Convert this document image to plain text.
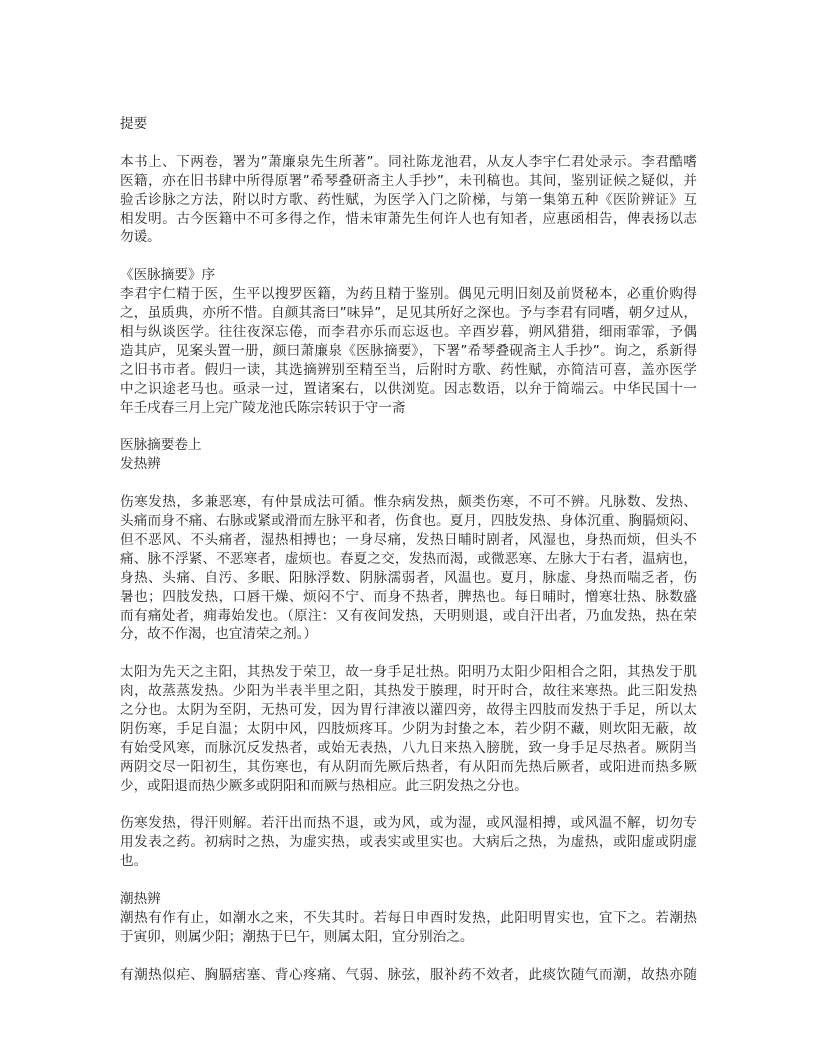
提要
本书上、下两卷，署为”萧廉泉先生所著”。同社陈龙池君，从友人李宇仁君处录示。李君酷嗜
医籍，亦在旧书肆中所得原署”希琴叠研斋主人手抄”，未刊稿也。其间，鉴别证候之疑似，并
验舌诊脉之方法，附以时方歌、药性赋，为医学入门之阶梯，与第一集第五种《医阶辨证》互
相发明。古今医籍中不可多得之作，惜未审萧先生何许人也有知者，应惠函相告，俾表扬以志
勿谖。
《医脉摘要》序
李君宇仁精于医，生平以搜罗医籍，为药且精于鉴别。偶见元明旧刻及前贤秘本，必重价购得
之，虽质典，亦所不惜。自颜其斋曰”味异”，足见其所好之深也。予与李君有同嗜，朝夕过从，
相与纵谈医学。往往夜深忘倦，而李君亦乐而忘返也。辛酉岁暮，朔风猎猎，细雨霏霏，予偶
造其庐，见案头置一册，颜曰萧廉泉《医脉摘要》，下署”希琴叠砚斋主人手抄”。询之，系新得
之旧书市者。假归一读，其选摘辨别至精至当，后附时方歌、药性赋，亦简洁可喜，盖亦医学
中之识途老马也。亟录一过，置诸案右，以供浏览。因志数语，以弁于简端云。中华民国十一
年壬戌春三月上完广陵龙池氏陈宗转识于守一斋
医脉摘要卷上
发热辨
伤寒发热，多兼恶寒，有仲景成法可循。惟杂病发热，颇类伤寒，不可不辨。凡脉数、发热、
头痛而身不痛、右脉或紧或滑而左脉平和者，伤食也。夏月，四肢发热、身体沉重、胸膈烦闷、
但不恶风、不头痛者，湿热相搏也；一身尽痛，发热日晡时剧者，风湿也，身热而烦，但头不
痛、脉不浮紧、不恶寒者，虚烦也。春夏之交，发热而渴，或微恶寒、左脉大于右者，温病也，
身热、头痛、自汚、多眠、阳脉浮数、阴脉濡弱者，风温也。夏月，脉虚、身热而喘乏者，伤
暑也；四肢发热，口唇干燥、烦闷不宁、而身不热者，脾热也。每日晡时，憎寒壮热、脉数盛
而有痛处者，痈毒始发也。（原注：又有夜间发热，天明则退，或自汗出者，乃血发热，热在荣
分，故不作渴，也宜清荣之剂。）
太阳为先天之主阳，其热发于荣卫，故一身手足壮热。阳明乃太阳少阳相合之阳，其热发于肌
肉，故蒸蒸发热。少阳为半表半里之阳，其热发于腠理，时开时合，故往来寒热。此三阳发热
之分也。太阴为至阴，无热可发，因为胃行津液以灌四旁，故得主四肢而发热于手足，所以太
阴伤寒，手足自温；太阴中风，四肢烦疼耳。少阴为封蛰之本，若少阴不藏，则坎阳无蔽，故
有始受风寒，而脉沉反发热者，或始无表热，八九日来热入膀胱，致一身手足尽热者。厥阴当
两阴交尽一阳初生，其伤寒也，有从阴而先厥后热者，有从阳而先热后厥者，或阳进而热多厥
少，或阳退而热少厥多或阴阳和而厥与热相应。此三阴发热之分也。
伤寒发热，得汗则解。若汗出而热不退，或为风，或为湿，或风湿相搏，或风温不解，切勿专
用发表之药。初病时之热，为虚实热，或表实或里实也。大病后之热，为虚热，或阳虚或阴虚
也。
潮热辨
潮热有作有止，如潮水之来，不失其时。若每日申酉时发热，此阳明胃实也，宜下之。若潮热
于寅卯，则属少阳；潮热于巳午，则属太阳，宜分别治之。
有潮热似疟、胸膈痞塞、背心疼痛、气弱、脉弦，服补药不效者，此痰饮随气而潮，故热亦随
